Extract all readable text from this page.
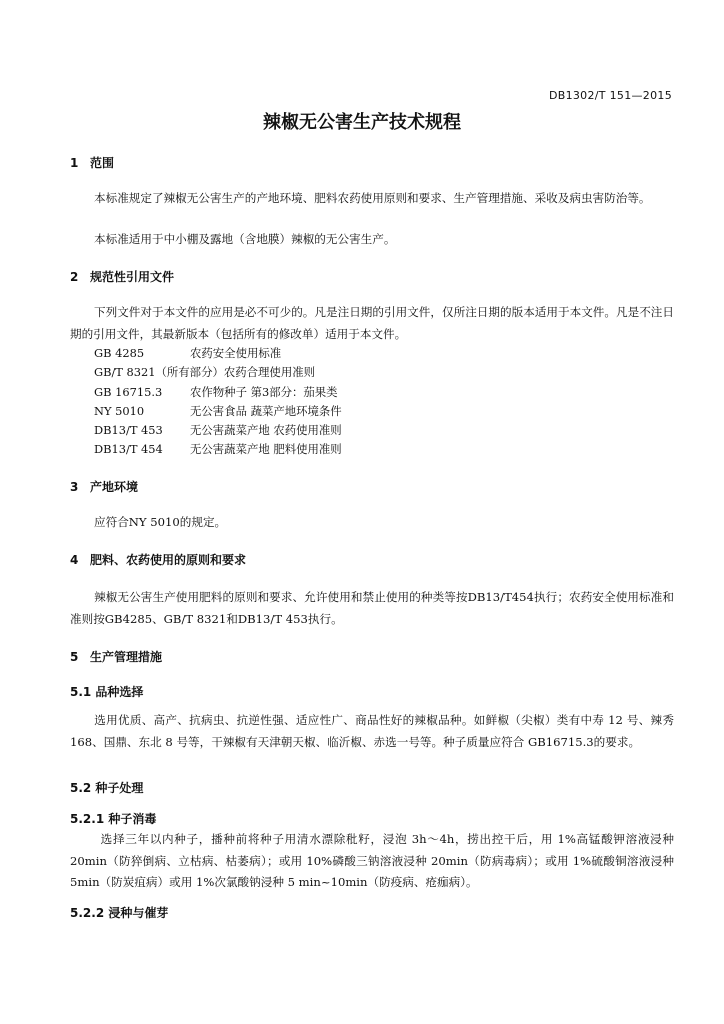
DB1302/T 151—2015
辣椒无公害生产技术规程
1 范围
本标准规定了辣椒无公害生产的产地环境、肥料农药使用原则和要求、生产管理措施、采收及病虫害防治等。
本标准适用于中小棚及露地（含地膜）辣椒的无公害生产。
2 规范性引用文件
下列文件对于本文件的应用是必不可少的。凡是注日期的引用文件，仅所注日期的版本适用于本文件。凡是不注日期的引用文件，其最新版本（包括所有的修改单）适用于本文件。
GB 4285	农药安全使用标准
GB/T 8321（所有部分）农药合理使用准则
GB 16715.3 农作物种子 第3部分：茄果类
NY 5010	无公害食品 蔬菜产地环境条件
DB13/T 453 无公害蔬菜产地 农药使用准则
DB13/T 454 无公害蔬菜产地 肥料使用准则
3 产地环境
应符合NY 5010的规定。
4 肥料、农药使用的原则和要求
辣椒无公害生产使用肥料的原则和要求、允许使用和禁止使用的种类等按DB13/T454执行；农药安全使用标准和准则按GB4285、GB/T 8321和DB13/T 453执行。
5 生产管理措施
5.1 品种选择
选用优质、高产、抗病虫、抗逆性强、适应性广、商品性好的辣椒品种。如鲜椒（尖椒）类有中寿 12 号、辣秀 168、国鼎、东北 8 号等，干辣椒有天津朝天椒、临沂椒、赤选一号等。种子质量应符合 GB16715.3的要求。
5.2 种子处理
5.2.1 种子消毒
选择三年以内种子，播种前将种子用清水漂除秕籽，浸泡 3h～4h，捞出控干后，用 1%高锰酸钾溶液浸种 20min（防猝倒病、立枯病、枯萎病）；或用 10%磷酸三钠溶液浸种 20min（防病毒病）；或用 1%硫酸铜溶液浸种 5min（防炭疽病）或用 1%次氯酸钠浸种 5 min~10min（防疫病、疮痂病）。
5.2.2 浸种与催芽
